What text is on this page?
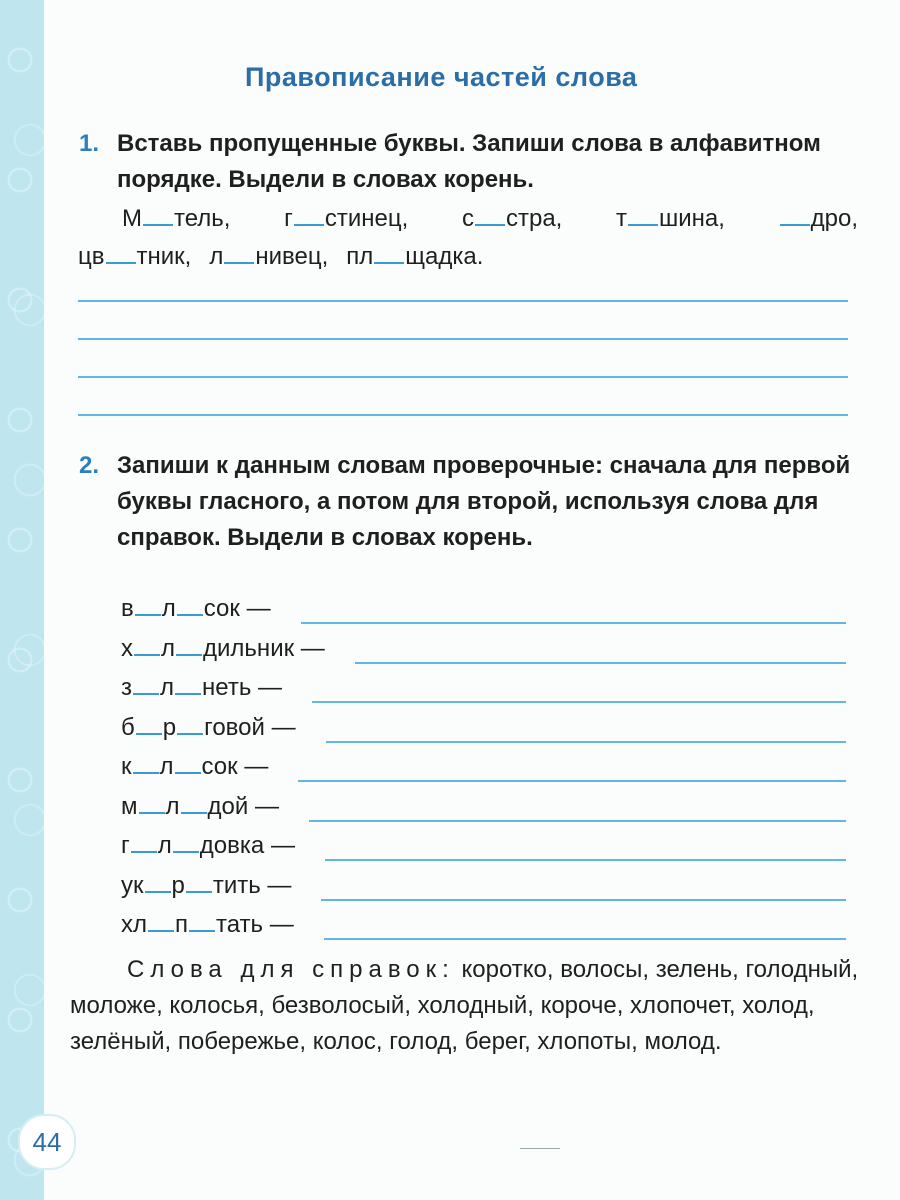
Правописание частей слова
1. Вставь пропущенные буквы. Запиши слова в алфавитном порядке. Выдели в словах корень.
М тель, г стинец, с стра, т шина,	дро,
цв тник, л нивец, пл щадка.
2. Запиши к данным словам проверочные: сначала для первой буквы гласного, а потом для второй, используя слова для справок. Выдели в словах корень.
в л сок —
х л дильник —
з л неть —
б р говой —
к л сок —
м л дой —
г л довка —
ук р тить —
хл п тать —
Слова для справок: коротко, волосы, зелень, голодный, моложе, колосья, безволосый, холодный, короче, хлопочет, холод, зелёный, побережье, колос, голод, берег, хлопоты, молод.
44
